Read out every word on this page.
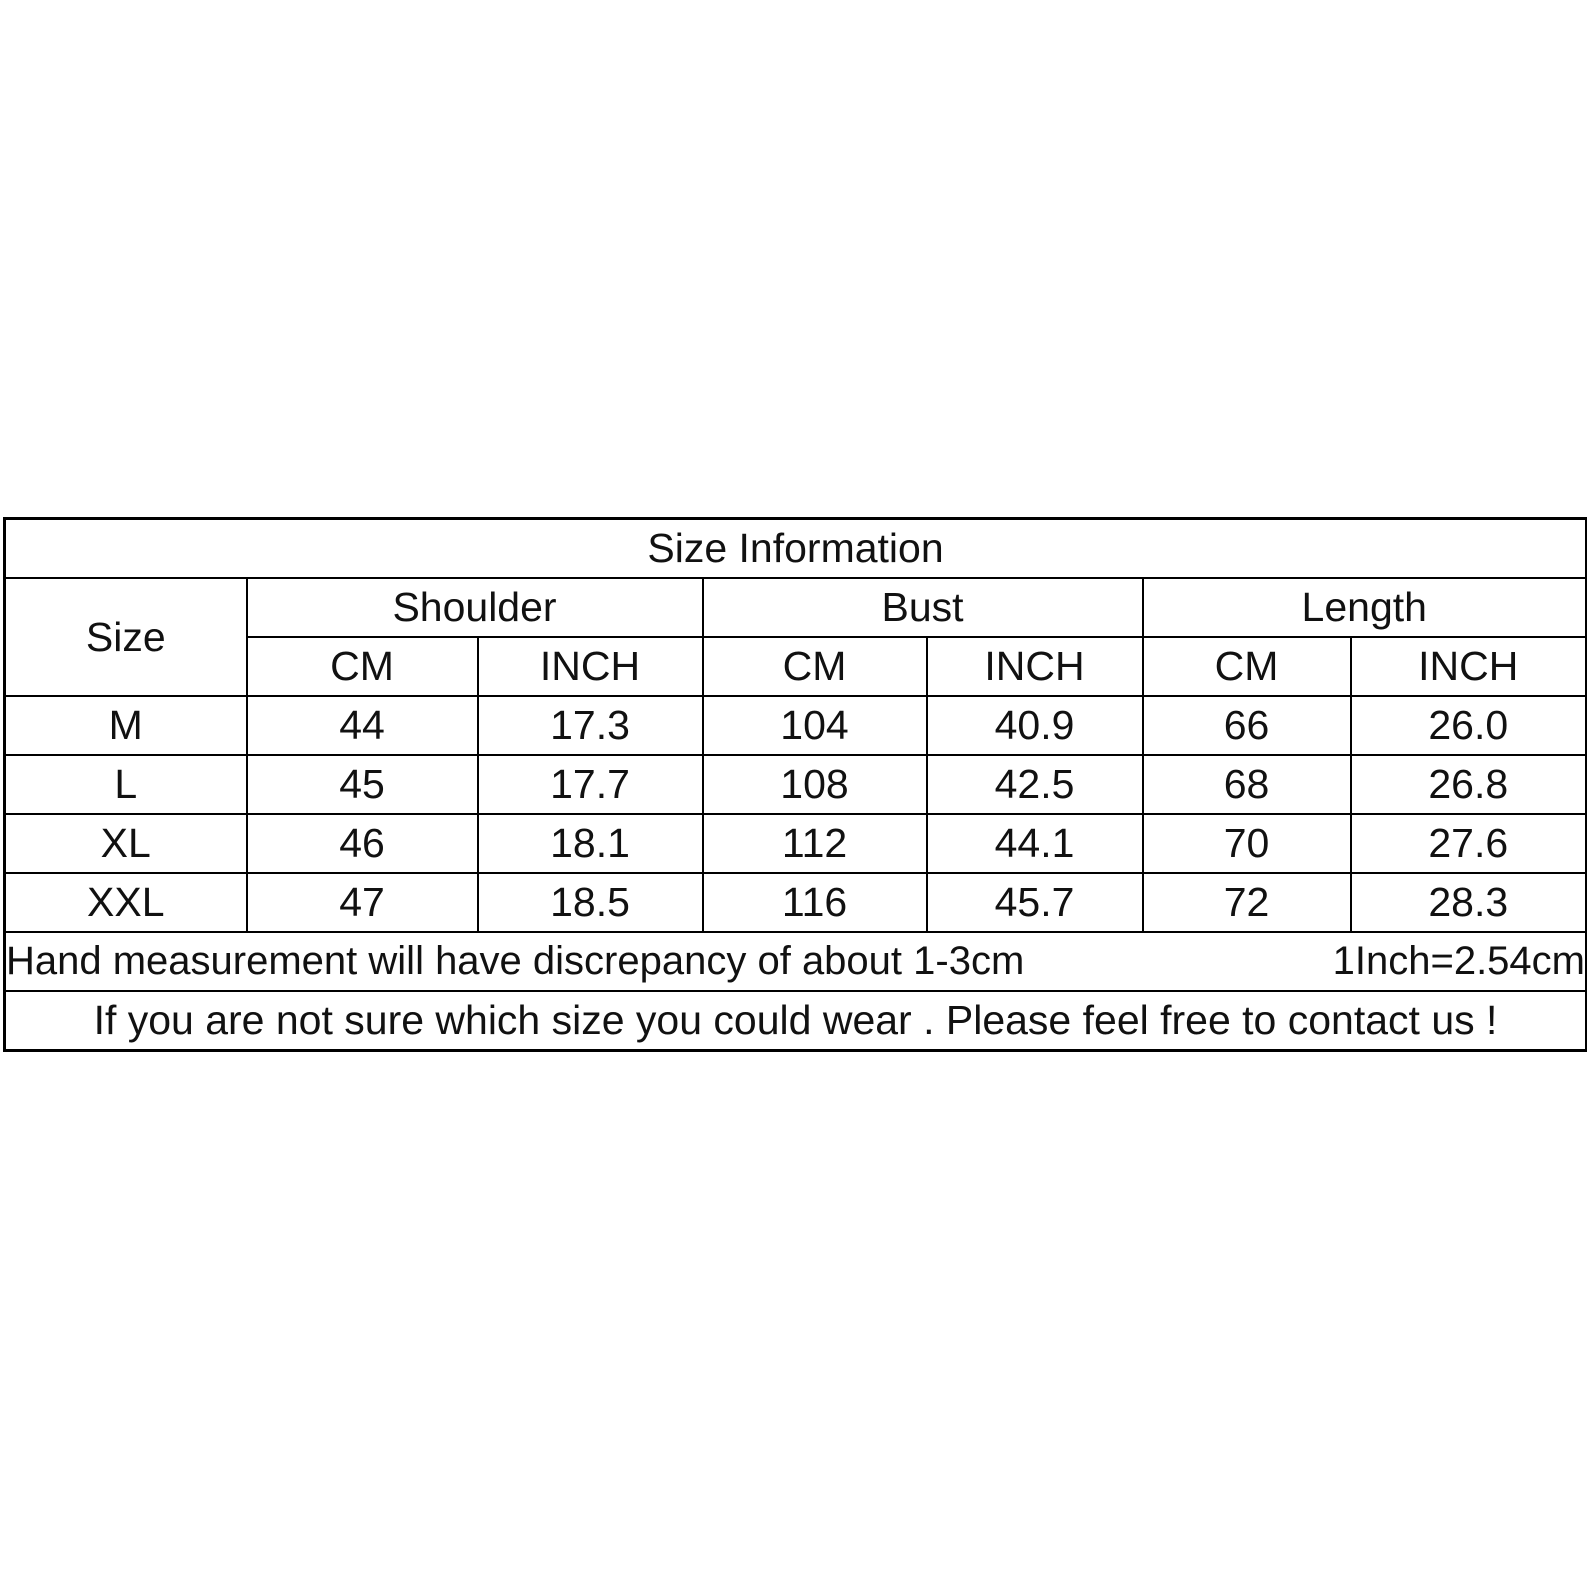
Size Information						
Size	Shoulder		Bust		Length	
	CM	INCH	CM	INCH	CM	INCH
M	44	17.3	104	40.9	66	26.0
L	45	17.7	108	42.5	68	26.8
XL	46	18.1	112	44.1	70	27.6
XXL	47	18.5	116	45.7	72	28.3

Hand measurement will have discrepancy of about 1-3cm 1Inch=2.54cm						

If you are not sure which size you could wear . Please feel free to contact us !						
